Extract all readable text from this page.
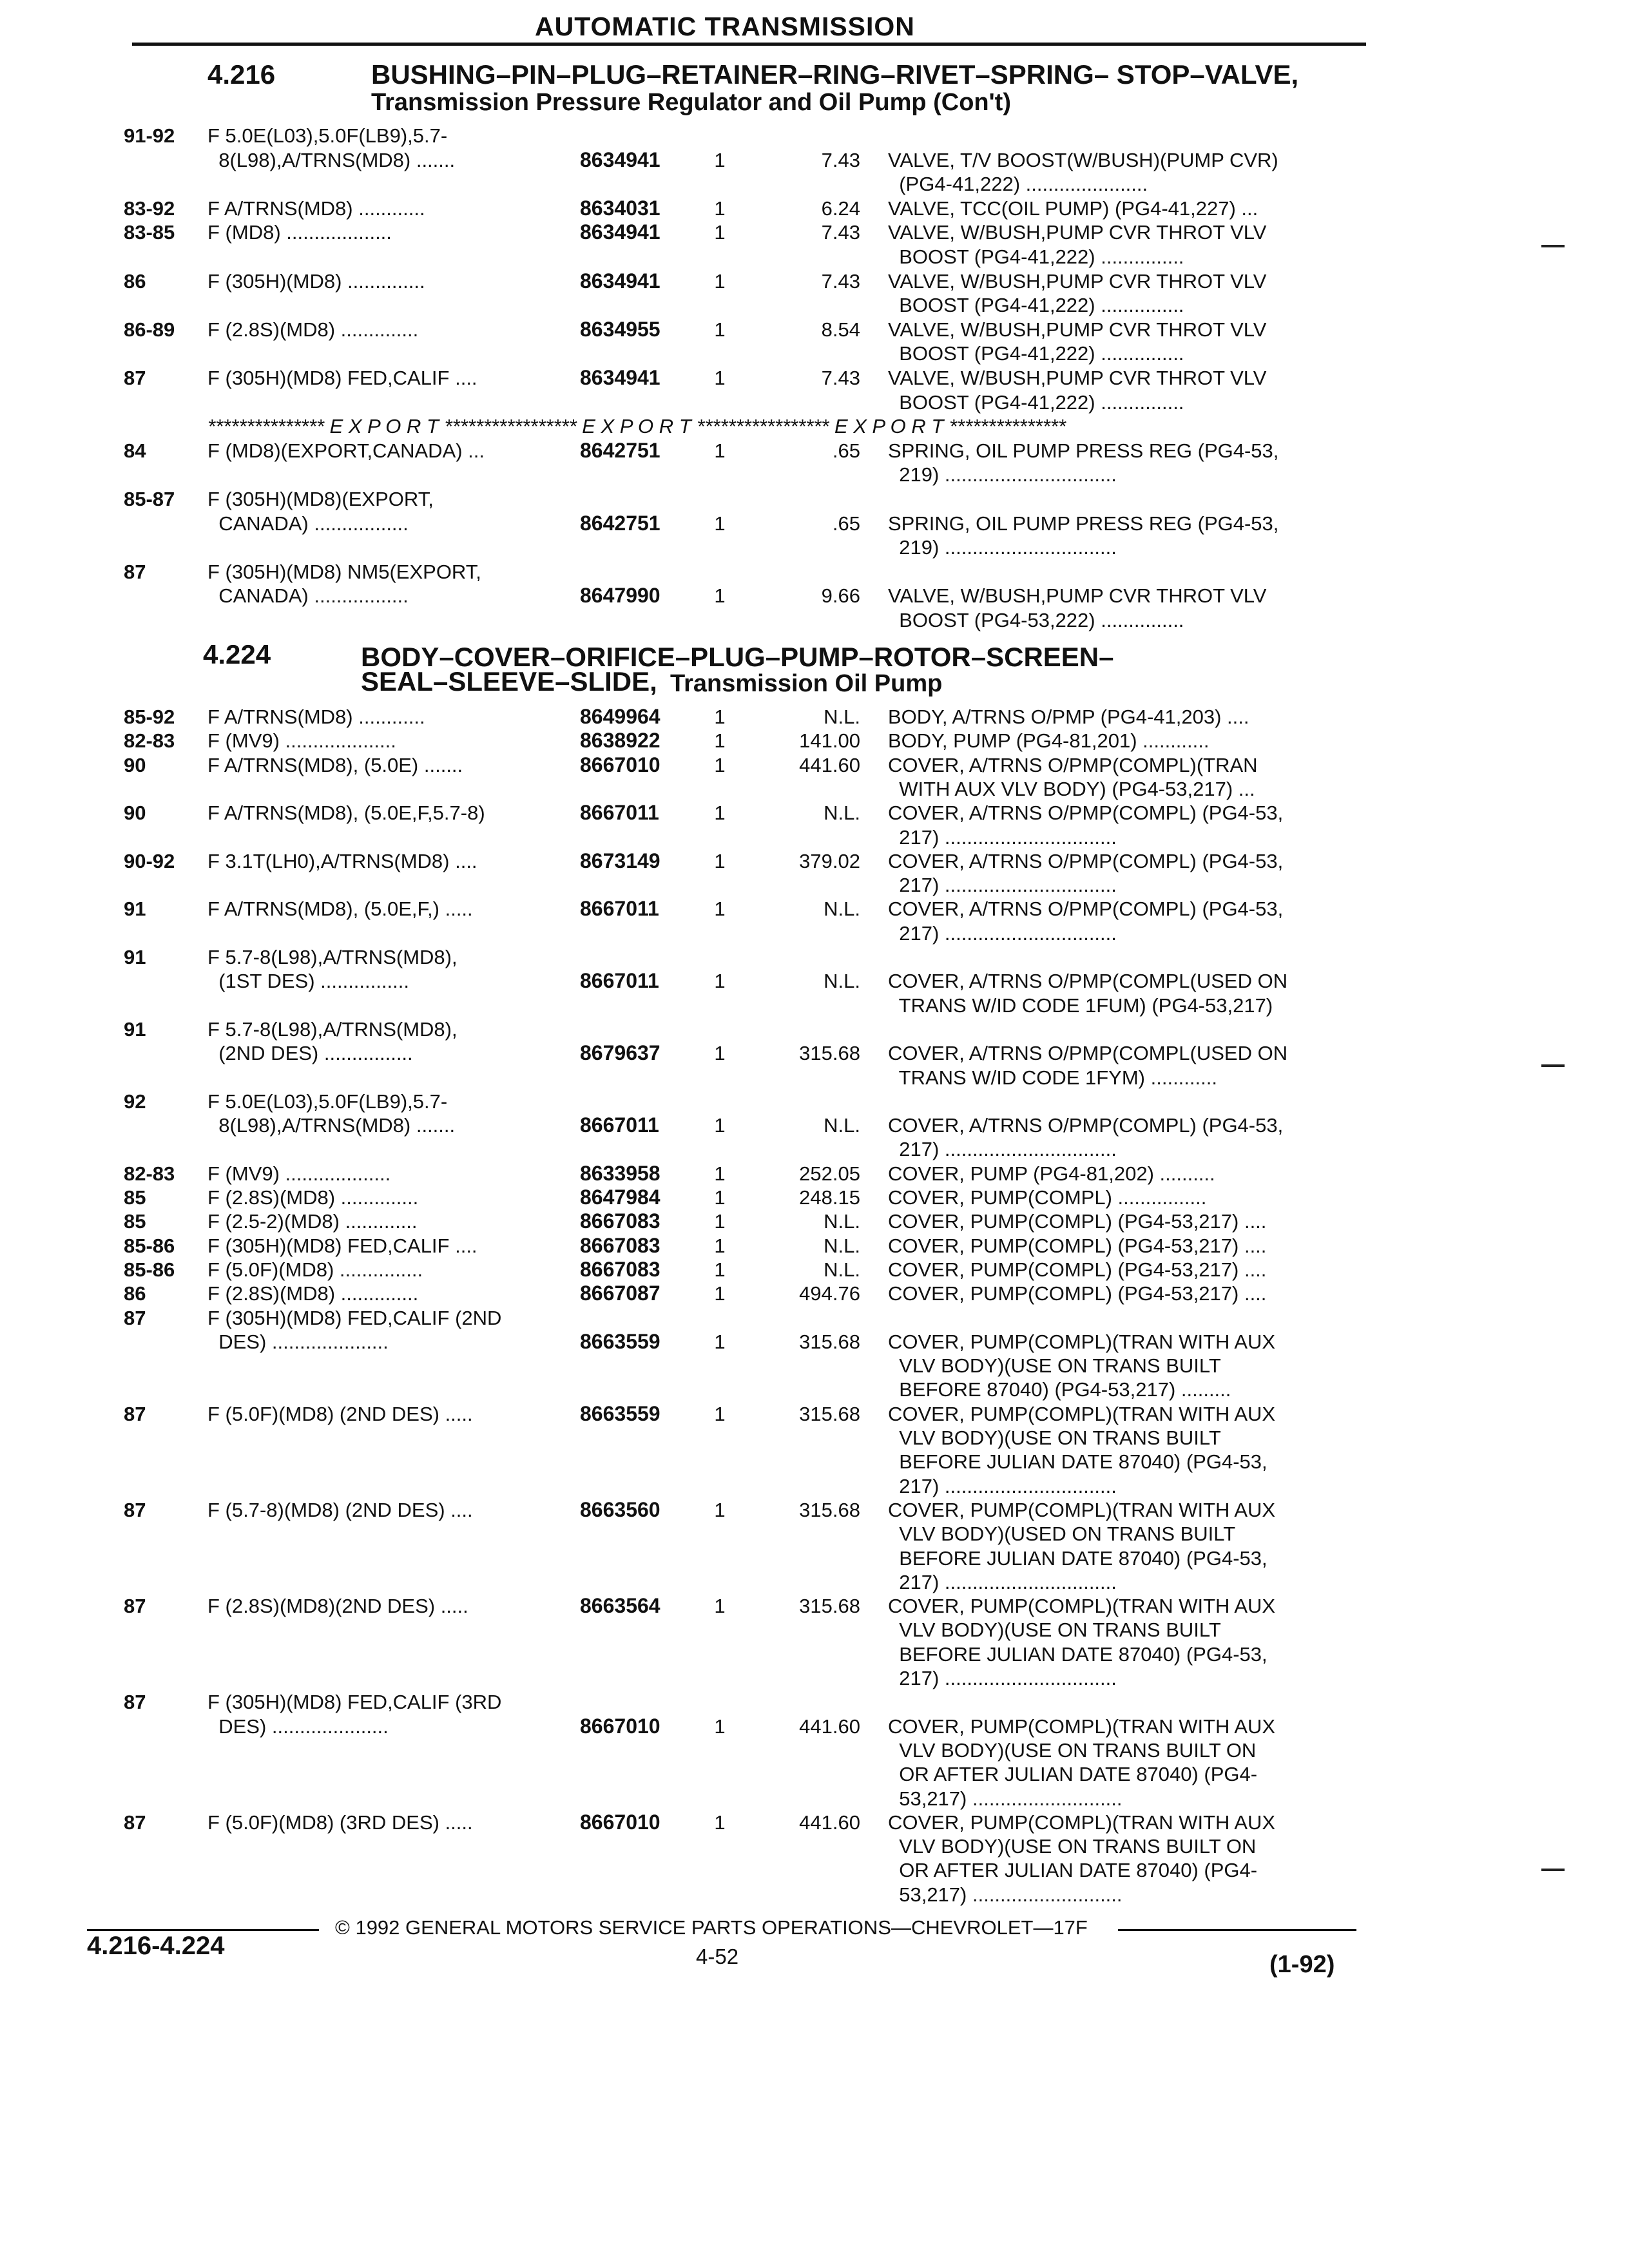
AUTOMATIC TRANSMISSION
4.216	BUSHING–PIN–PLUG–RETAINER–RING–RIVET–SPRING– STOP–VALVE,
Transmission Pressure Regulator and Oil Pump (Con't)
91-92 F 5.0E(L03),5.0F(LB9),5.7-
8(L98),A/TRNS(MD8) .......	8634941	1	7.43 VALVE, T/V BOOST(W/BUSH)(PUMP CVR)
(PG4-41,222) ......................
83-92 F A/TRNS(MD8) ............	8634031	1	6.24 VALVE, TCC(OIL PUMP) (PG4-41,227) ...
83-85 F (MD8) ...................	8634941	1	7.43 VALVE, W/BUSH,PUMP CVR THROT VLV
BOOST (PG4-41,222) ...............
86	F (305H)(MD8) ..............	8634941	1	7.43 VALVE, W/BUSH,PUMP CVR THROT VLV
BOOST (PG4-41,222) ...............
86-89 F (2.8S)(MD8) ..............	8634955	1	8.54 VALVE, W/BUSH,PUMP CVR THROT VLV
BOOST (PG4-41,222) ...............
87	F (305H)(MD8) FED,CALIF ....	8634941	1	7.43 VALVE, W/BUSH,PUMP CVR THROT VLV
BOOST (PG4-41,222) ...............
84	F (MD8)(EXPORT,CANADA) ...	8642751	1	.65 SPRING, OIL PUMP PRESS REG (PG4-53,
219) ...............................
85-87 F (305H)(MD8)(EXPORT,
CANADA) .................	8642751	1	.65 SPRING, OIL PUMP PRESS REG (PG4-53,
219) ...............................
87	F (305H)(MD8) NM5(EXPORT,
CANADA) .................	8647990	1	9.66 VALVE, W/BUSH,PUMP CVR THROT VLV
BOOST (PG4-53,222) ...............
*************** E X P O R T ***************** E X P O R T ***************** E X P O R T ***************
4.224	BODY–COVER–ORIFICE–PLUG–PUMP–ROTOR–SCREEN–
SEAL–SLEEVE–SLIDE, Transmission Oil Pump
85-92 F A/TRNS(MD8) ............	8649964	1	N.L. BODY, A/TRNS O/PMP (PG4-41,203) ....
82-83 F (MV9) ....................	8638922	1	141.00 BODY, PUMP (PG4-81,201) ............
90	F A/TRNS(MD8), (5.0E) .......	8667010	1	441.60 COVER, A/TRNS O/PMP(COMPL)(TRAN
WITH AUX VLV BODY) (PG4-53,217) ...
90	F A/TRNS(MD8), (5.0E,F,5.7-8)	8667011	1	N.L. COVER, A/TRNS O/PMP(COMPL) (PG4-53,
217) ...............................
90-92 F 3.1T(LH0),A/TRNS(MD8) ....	8673149	1	379.02 COVER, A/TRNS O/PMP(COMPL) (PG4-53,
217) ...............................
91	F A/TRNS(MD8), (5.0E,F,) .....	8667011	1	N.L. COVER, A/TRNS O/PMP(COMPL) (PG4-53,
217) ...............................
91	F 5.7-8(L98),A/TRNS(MD8),
(1ST DES) ................	8667011	1	N.L. COVER, A/TRNS O/PMP(COMPL(USED ON
TRANS W/ID CODE 1FUM) (PG4-53,217)
91	F 5.7-8(L98),A/TRNS(MD8),
(2ND DES) ................	8679637	1	315.68 COVER, A/TRNS O/PMP(COMPL(USED ON
TRANS W/ID CODE 1FYM) ............
92	F 5.0E(L03),5.0F(LB9),5.7-
8(L98),A/TRNS(MD8) .......	8667011	1	N.L. COVER, A/TRNS O/PMP(COMPL) (PG4-53,
217) ...............................
82-83 F (MV9) ...................	8633958	1	252.05 COVER, PUMP (PG4-81,202) ..........
85	F (2.8S)(MD8) ..............	8647984	1	248.15 COVER, PUMP(COMPL) ................
85	F (2.5-2)(MD8) .............	8667083	1	N.L. COVER, PUMP(COMPL) (PG4-53,217) ....
85-86 F (305H)(MD8) FED,CALIF ....	8667083	1	N.L. COVER, PUMP(COMPL) (PG4-53,217) ....
85-86 F (5.0F)(MD8) ...............	8667083	1	N.L. COVER, PUMP(COMPL) (PG4-53,217) ....
86	F (2.8S)(MD8) ..............	8667087	1	494.76 COVER, PUMP(COMPL) (PG4-53,217) ....
87	F (305H)(MD8) FED,CALIF (2ND
DES) .....................	8663559	1	315.68 COVER, PUMP(COMPL)(TRAN WITH AUX
VLV BODY)(USE ON TRANS BUILT
BEFORE 87040) (PG4-53,217) .........
87	F (5.0F)(MD8) (2ND DES) .....	8663559	1	315.68 COVER, PUMP(COMPL)(TRAN WITH AUX
VLV BODY)(USE ON TRANS BUILT
BEFORE JULIAN DATE 87040) (PG4-53,
217) ...............................
87	F (5.7-8)(MD8) (2ND DES) ....	8663560	1	315.68 COVER, PUMP(COMPL)(TRAN WITH AUX
VLV BODY)(USED ON TRANS BUILT
BEFORE JULIAN DATE 87040) (PG4-53,
217) ...............................
87	F (2.8S)(MD8)(2ND DES) .....	8663564	1	315.68 COVER, PUMP(COMPL)(TRAN WITH AUX
VLV BODY)(USE ON TRANS BUILT
BEFORE JULIAN DATE 87040) (PG4-53,
217) ...............................
87	F (305H)(MD8) FED,CALIF (3RD
DES) .....................	8667010	1	441.60 COVER, PUMP(COMPL)(TRAN WITH AUX
VLV BODY)(USE ON TRANS BUILT ON
OR AFTER JULIAN DATE 87040) (PG4-
53,217) ...........................
87	F (5.0F)(MD8) (3RD DES) .....	8667010	1	441.60 COVER, PUMP(COMPL)(TRAN WITH AUX
VLV BODY)(USE ON TRANS BUILT ON
OR AFTER JULIAN DATE 87040) (PG4-
53,217) ...........................
© 1992 GENERAL MOTORS SERVICE PARTS OPERATIONS—CHEVROLET—17F
4.216-4.224	4-52	(1-92)
